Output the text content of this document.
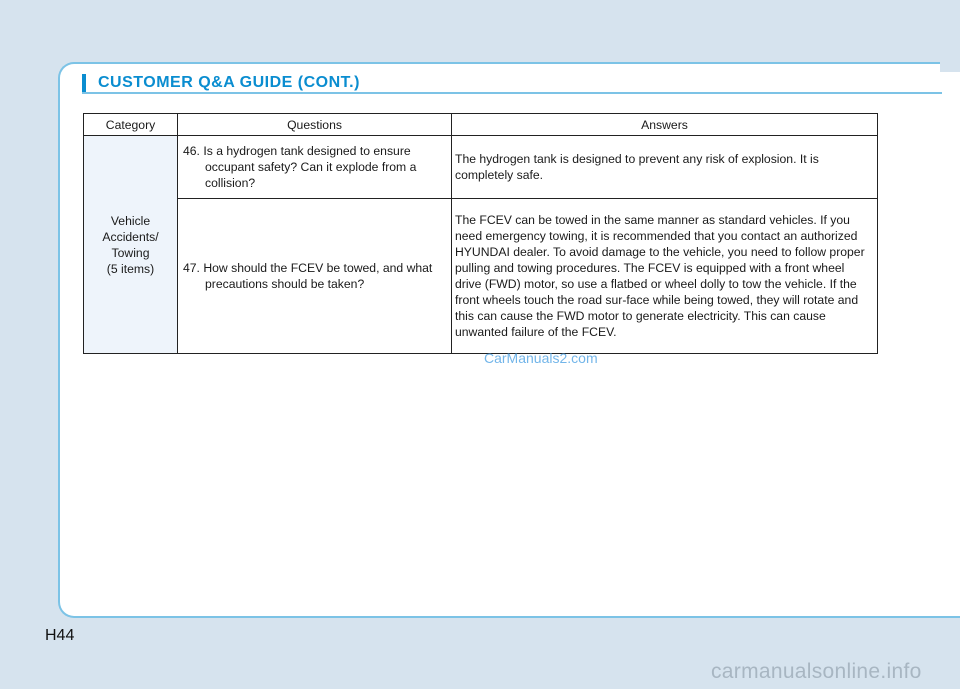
CUSTOMER Q&A GUIDE (CONT.)
Category	Questions	Answers

Vehicle
Accidents/
Towing
(5 items)	46. Is a hydrogen tank designed to ensure occupant safety? Can it explode from a collision?	The hydrogen tank is designed to prevent any risk of explosion. It is completely safe.

	47. How should the FCEV be towed, and what precautions should be taken?	The FCEV can be towed in the same manner as standard vehicles. If you need emergency towing, it is recommended that you contact an authorized HYUNDAI dealer. To avoid damage to the vehicle, you need to follow proper pulling and towing procedures. The FCEV is equipped with a front wheel drive (FWD) motor, so use a flatbed or wheel dolly to tow the vehicle. If the front wheels touch the road sur-face while being towed, they will rotate and this can cause the FWD motor to generate electricity. This can cause unwanted failure of the FCEV.
CarManuals2.com
H44
carmanualsonline.info
